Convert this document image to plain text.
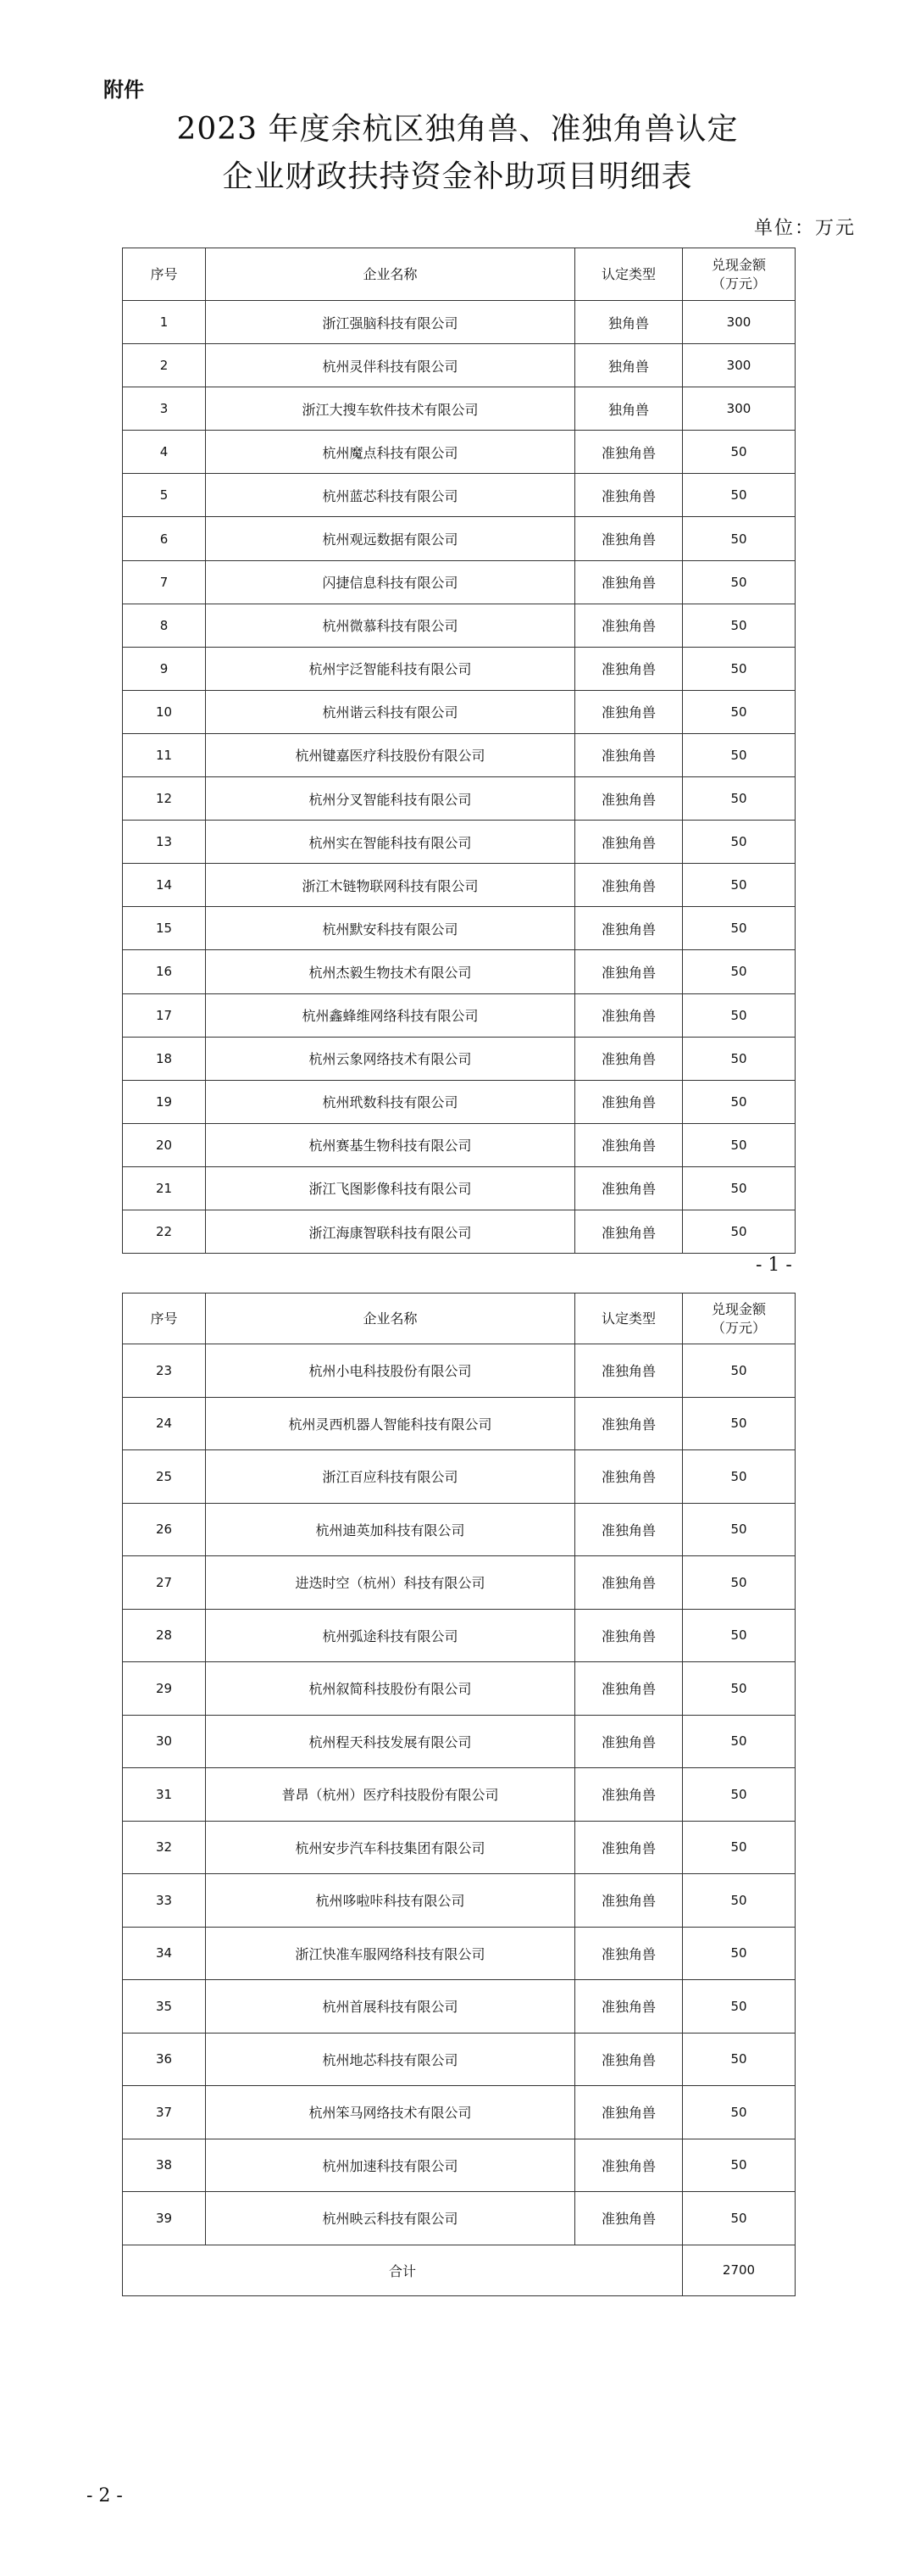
附件
2023 年度余杭区独角兽、准独角兽认定
企业财政扶持资金补助项目明细表
单位：万元
序号	企业名称	认定类型	兑现金额
（万元）

1	浙江强脑科技有限公司	独角兽	300
2	杭州灵伴科技有限公司	独角兽	300
3	浙江大搜车软件技术有限公司	独角兽	300
4	杭州魔点科技有限公司	准独角兽	50
5	杭州蓝芯科技有限公司	准独角兽	50
6	杭州观远数据有限公司	准独角兽	50
7	闪捷信息科技有限公司	准独角兽	50
8	杭州微慕科技有限公司	准独角兽	50
9	杭州宇泛智能科技有限公司	准独角兽	50
10	杭州谐云科技有限公司	准独角兽	50
11	杭州键嘉医疗科技股份有限公司	准独角兽	50
12	杭州分叉智能科技有限公司	准独角兽	50
13	杭州实在智能科技有限公司	准独角兽	50
14	浙江木链物联网科技有限公司	准独角兽	50
15	杭州默安科技有限公司	准独角兽	50
16	杭州杰毅生物技术有限公司	准独角兽	50
17	杭州鑫蜂维网络科技有限公司	准独角兽	50
18	杭州云象网络技术有限公司	准独角兽	50
19	杭州玳数科技有限公司	准独角兽	50
20	杭州赛基生物科技有限公司	准独角兽	50
21	浙江飞图影像科技有限公司	准独角兽	50
22	浙江海康智联科技有限公司	准独角兽	50
- 1 -
序号	企业名称	认定类型	兑现金额
（万元）

23	杭州小电科技股份有限公司	准独角兽	50
24	杭州灵西机器人智能科技有限公司	准独角兽	50
25	浙江百应科技有限公司	准独角兽	50
26	杭州迪英加科技有限公司	准独角兽	50
27	进迭时空（杭州）科技有限公司	准独角兽	50
28	杭州弧途科技有限公司	准独角兽	50
29	杭州叙简科技股份有限公司	准独角兽	50
30	杭州程天科技发展有限公司	准独角兽	50
31	普昂（杭州）医疗科技股份有限公司	准独角兽	50
32	杭州安步汽车科技集团有限公司	准独角兽	50
33	杭州哆啦咔科技有限公司	准独角兽	50
34	浙江快准车服网络科技有限公司	准独角兽	50
35	杭州首展科技有限公司	准独角兽	50
36	杭州地芯科技有限公司	准独角兽	50
37	杭州笨马网络技术有限公司	准独角兽	50
38	杭州加速科技有限公司	准独角兽	50
39	杭州映云科技有限公司	准独角兽	50
合计			2700
- 2 -
